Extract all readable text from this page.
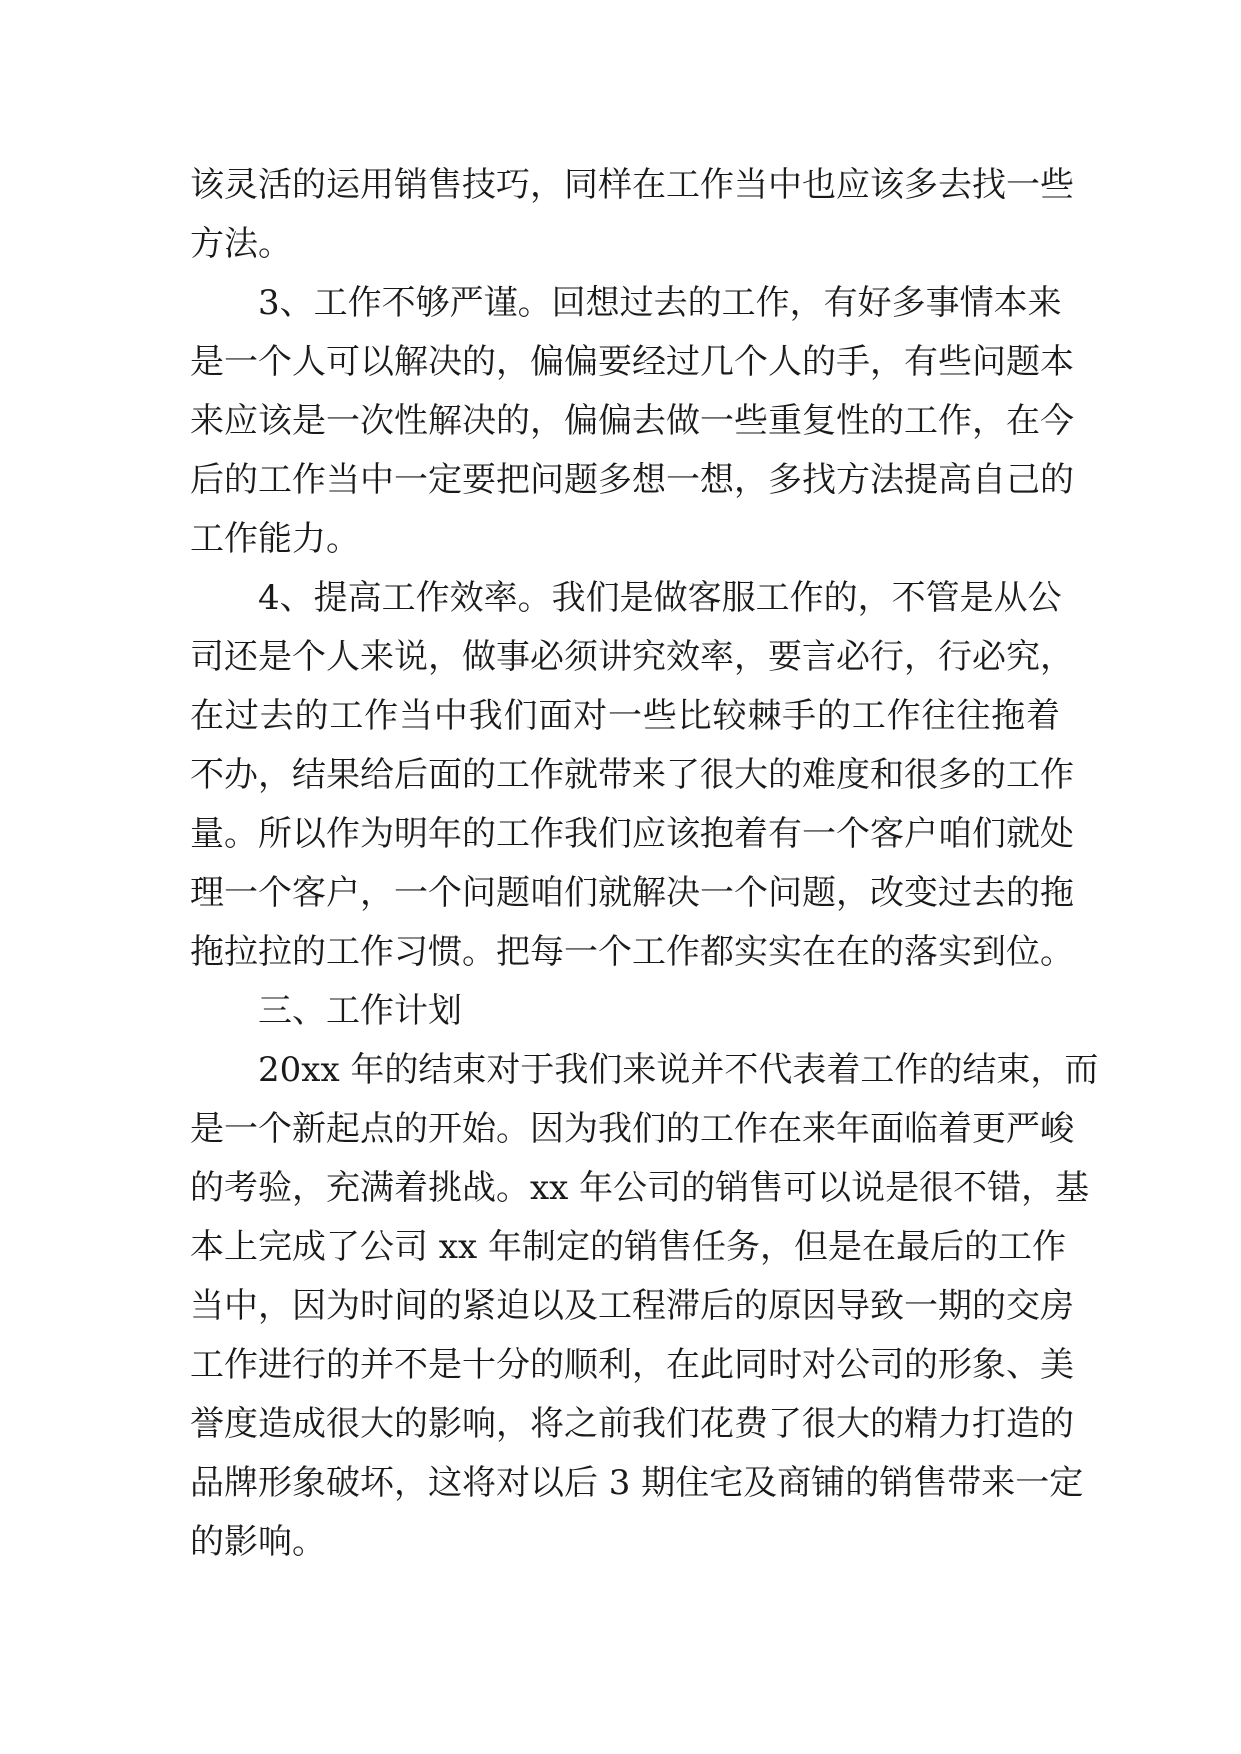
该灵活的运用销售技巧，同样在工作当中也应该多去找一些
方法。
3、工作不够严谨。回想过去的工作，有好多事情本来
是一个人可以解决的，偏偏要经过几个人的手，有些问题本
来应该是一次性解决的，偏偏去做一些重复性的工作，在今
后的工作当中一定要把问题多想一想，多找方法提高自己的
工作能力。
4、提高工作效率。我们是做客服工作的，不管是从公
司还是个人来说，做事必须讲究效率，要言必行，行必究，
在过去的工作当中我们面对一些比较棘手的工作往往拖着
不办，结果给后面的工作就带来了很大的难度和很多的工作
量。所以作为明年的工作我们应该抱着有一个客户咱们就处
理一个客户，一个问题咱们就解决一个问题，改变过去的拖
拖拉拉的工作习惯。把每一个工作都实实在在的落实到位。
三、工作计划
20xx 年的结束对于我们来说并不代表着工作的结束，而
是一个新起点的开始。因为我们的工作在来年面临着更严峻
的考验，充满着挑战。xx 年公司的销售可以说是很不错，基
本上完成了公司 xx 年制定的销售任务，但是在最后的工作
当中，因为时间的紧迫以及工程滞后的原因导致一期的交房
工作进行的并不是十分的顺利，在此同时对公司的形象、美
誉度造成很大的影响，将之前我们花费了很大的精力打造的
品牌形象破坏，这将对以后 3 期住宅及商铺的销售带来一定
的影响。
